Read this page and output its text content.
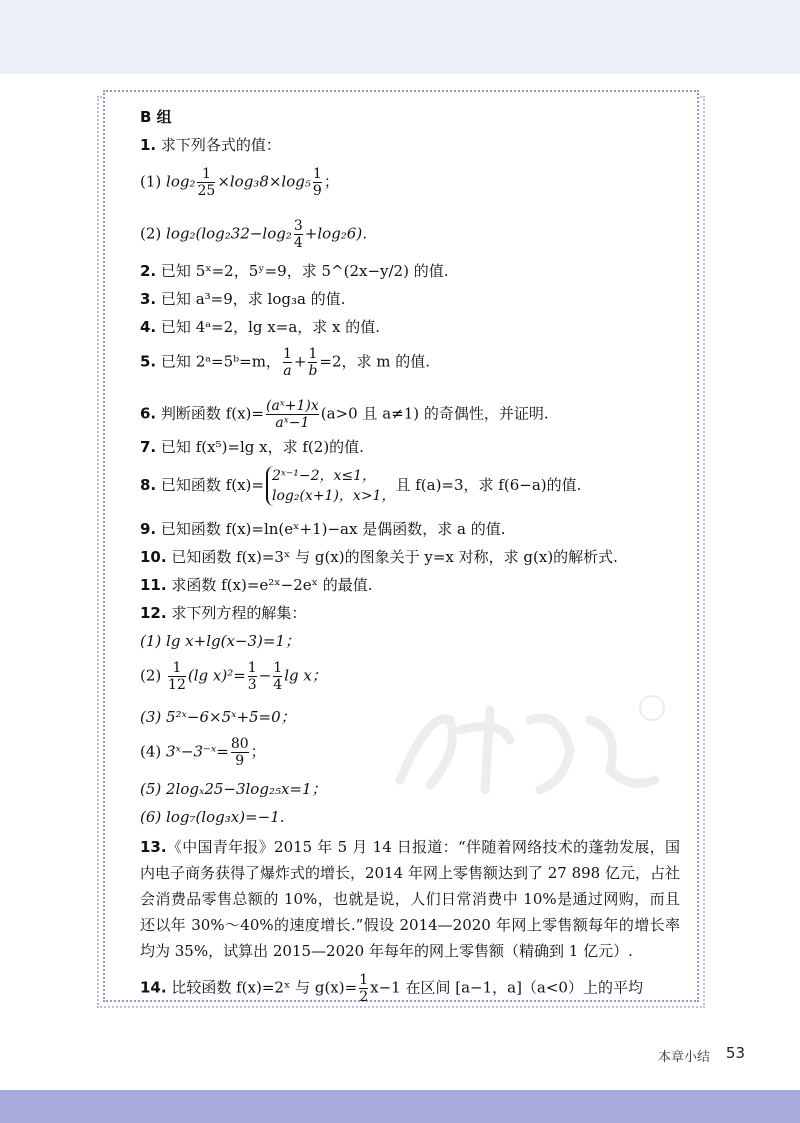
B 组
1. 求下列各式的值：
(1) $\log_2 \frac{1}{25} \times\log_38\times\log_5 \frac{1}{9}$ ；
(2) $\log_2(\log_232-\log_2 \frac{3}{4} +\log_26)$.
2. 已知 5ˣ=2，5ʸ=9，求 5^(2x−y/2) 的值.
3. 已知 a³=9，求 log₃a 的值.
4. 已知 4ᵃ=2，lg x=a，求 x 的值.
5. 已知 2ᵃ=5ᵇ=m， $\frac{1}{a} + \frac{1}{b} =2$，求 m 的值.
6. 判断函数 $f(x)= \frac{\text{(aˣ+1)x}}{\text{aˣ−1}} (a>0$ 且 a≠1) 的奇偶性，并证明.
7. 已知 f(x⁵)=lg x，求 f(2)的值.
8. 已知函数 f(x)= 2ˣ⁻¹−2，x≤1，
log₂(x+1)，x>1，
且 f(a)=3，求 f(6−a)的值.
9. 已知函数 f(x)=ln(eˣ+1)−ax 是偶函数，求 a 的值.
10. 已知函数 f(x)=3ˣ 与 g(x)的图象关于 y=x 对称，求 g(x)的解析式.
11. 求函数 f(x)=e²ˣ−2eˣ 的最值.
12. 求下列方程的解集：
(1) lg x+lg(x−3)=1；
$(2) \frac{1}{12} (\lg$ $x)^2= \frac{1}{3} - \frac{1}{4}$ lg x；
(3) 5²ˣ−6×5ˣ+5=0；
(4) 3ˣ−3⁻ˣ= $\frac{80}{9}$ ；
(5) 2logₓ25−3log₂₅x=1；
(6) log₇(log₃x)=−1.
13.《中国青年报》2015 年 5 月 14 日报道：“伴随着网络技术的蓬勃发展，国内电子商务获得了爆炸式的增长，2014 年网上零售额达到了 27 898 亿元，占社会消费品零售总额的 10%，也就是说，人们日常消费中 10%是通过网购，而且还以年 30%～40%的速度增长.”假设 2014—2020 年网上零售额每年的增长率均为 35%，试算出 2015—2020 年每年的网上零售额（精确到 1 亿元）.
14. 比较函数 f(x)=2ˣ 与 $g(x)= \frac{1}{2} x-1$ 在区间 [a−1，a]（a<0）上的平均
本章小结 53
